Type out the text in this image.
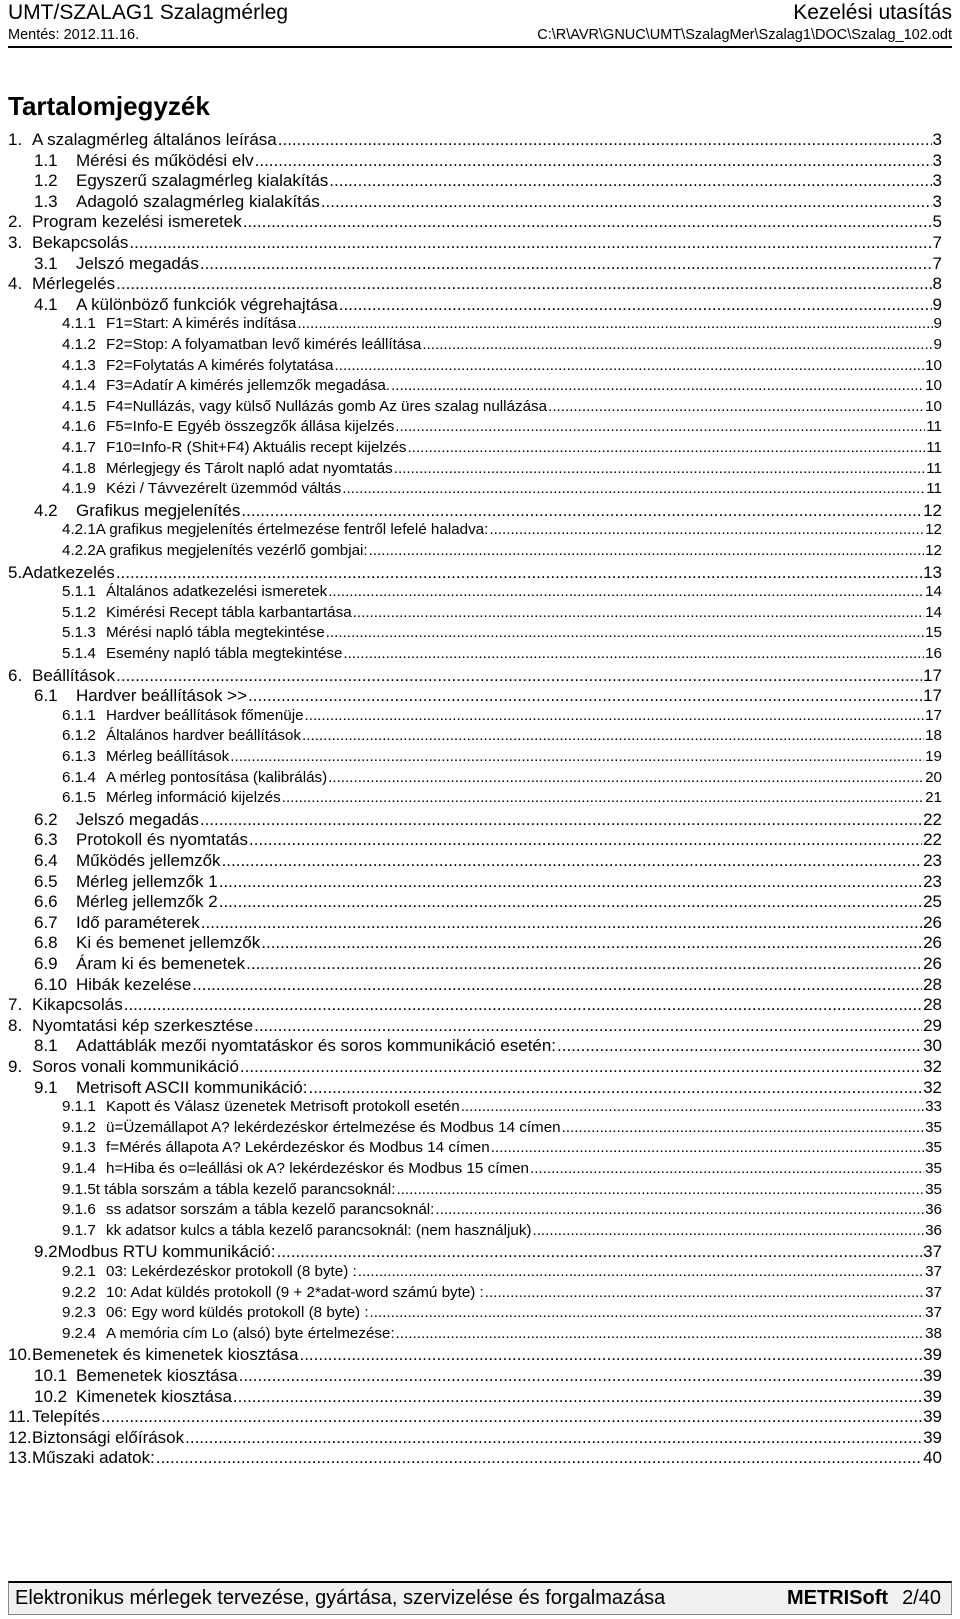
UMT/SZALAG1 Szalagmérleg	Kezelési utasítás
Mentés: 2012.11.16.	C:\R\AVR\GNUC\UMT\SzalagMer\Szalag1\DOC\Szalag_102.odt
Tartalomjegyzék
1. A szalagmérleg általános leírása .....	3
1.1	Mérési és működési elv .....	3
1.2	Egyszerű szalagmérleg kialakítás .....	3
1.3	Adagoló szalagmérleg kialakítás .....	3
2. Program kezelési ismeretek .....	5
3. Bekapcsolás .....	7
3.1	Jelszó megadás .....	7
4. Mérlegelés .....	8
4.1	A különböző funkciók végrehajtása .....	9
4.1.1 F1=Start: A kimérés indítása .....	9
4.1.2 F2=Stop: A folyamatban levő kimérés leállítása .....	9
4.1.3 F2=Folytatás A kimérés folytatása .....	10
4.1.4 F3=Adatír A kimérés jellemzők megadása. .....	10
4.1.5 F4=Nullázás, vagy külső Nullázás gomb Az üres szalag nullázása .....	10
4.1.6 F5=Info-E Egyéb összegzők állása kijelzés .....	11
4.1.7 F10=Info-R (Shit+F4) Aktuális recept kijelzés .....	11
4.1.8 Mérlegjegy és Tárolt napló adat nyomtatás .....	11
4.1.9 Kézi / Távvezérelt üzemmód váltás .....	11
4.2	Grafikus megjelenítés .....	12
4.2.1 A grafikus megjelenítés értelmezése fentről lefelé haladva: .....	12
4.2.2 A grafikus megjelenítés vezérlő gombjai: .....	12
5. Adatkezelés .....	13
5.1.1 Általános adatkezelési ismeretek .....	14
5.1.2 Kimérési Recept tábla karbantartása .....	14
5.1.3 Mérési napló tábla megtekintése .....	15
5.1.4 Esemény napló tábla megtekintése .....	16
6. Beállítások .....	17
6.1	Hardver beállítások >> .....	17
6.1.1 Hardver beállítások főmenüje .....	17
6.1.2 Általános hardver beállítások .....	18
6.1.3 Mérleg beállítások .....	19
6.1.4 A mérleg pontosítása (kalibrálás) .....	20
6.1.5 Mérleg információ kijelzés .....	21
6.2	Jelszó megadás .....	22
6.3	Protokoll és nyomtatás .....	22
6.4	Működés jellemzők .....	23
6.5	Mérleg jellemzők 1 .....	23
6.6	Mérleg jellemzők 2 .....	25
6.7	Idő paraméterek .....	26
6.8	Ki és bemenet jellemzők .....	26
6.9	Áram ki és bemenetek .....	26
6.10 Hibák kezelése .....	28
7. Kikapcsolás .....	28
8. Nyomtatási kép szerkesztése .....	29
8.1	Adattáblák mezői nyomtatáskor és soros kommunikáció esetén: .....	30
9. Soros vonali kommunikáció .....	32
9.1	Metrisoft ASCII kommunikáció: .....	32
9.1.1 Kapott és Válasz üzenetek Metrisoft protokoll esetén .....	33
9.1.2 ü=Üzemállapot A? lekérdezéskor értelmezése és Modbus 14 címen .....	35
9.1.3 f=Mérés állapota A? Lekérdezéskor és Modbus 14 címen .....	35
9.1.4 h=Hiba és o=leállási ok A? lekérdezéskor és Modbus 15 címen .....	35
9.1.5 t tábla sorszám a tábla kezelő parancsoknál: .....	35
9.1.6 ss adatsor sorszám a tábla kezelő parancsoknál: .....	36
9.1.7 kk adatsor kulcs a tábla kezelő parancsoknál: (nem használjuk) .....	36
9.2 Modbus RTU kommunikáció: .....	37
9.2.1 03: Lekérdezéskor protokoll (8 byte) : .....	37
9.2.2 10: Adat küldés protokoll (9 + 2*adat-word számú byte) : .....	37
9.2.3 06: Egy word küldés protokoll (8 byte) : .....	37
9.2.4 A memória cím Lo (alsó) byte értelmezése: .....	38
10. Bemenetek és kimenetek kiosztása .....	39
10.1 Bemenetek kiosztása .....	39
10.2 Kimenetek kiosztása .....	39
11. Telepítés .....	39
12. Biztonsági előírások .....	39
13. Műszaki adatok: .....	40
Elektronikus mérlegek tervezése, gyártása, szervizelése és forgalmazása	METRISoft 2/40
